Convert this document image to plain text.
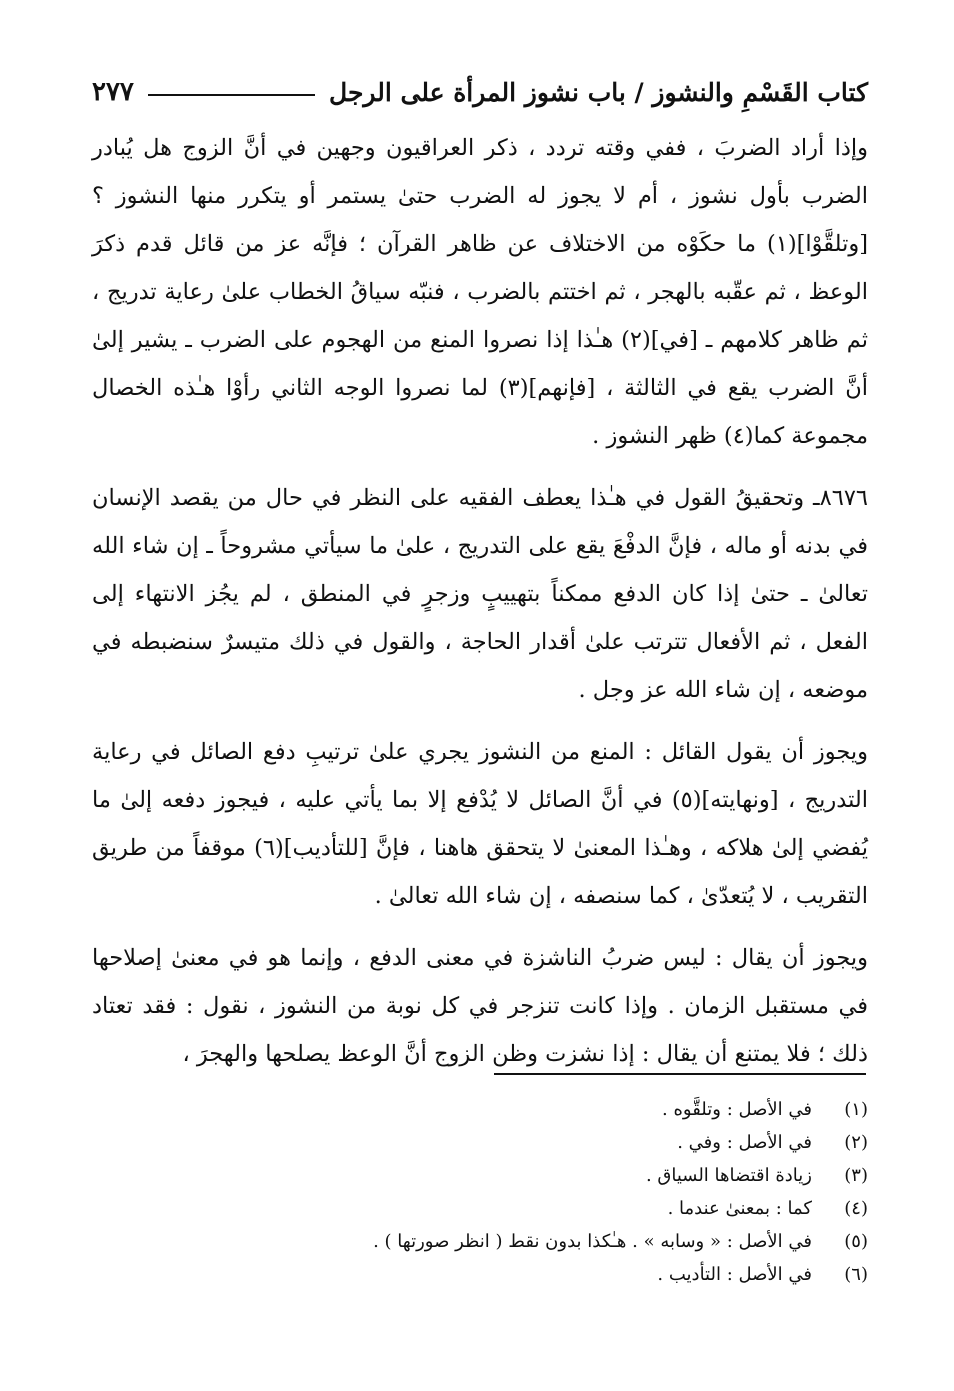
كتاب القَسْمِ والنشوز / باب نشوز المرأة على الرجل
٢٧٧

وإذا أراد الضربَ ، ففي وقته تردد ، ذكر العراقيون وجهين في أنَّ الزوج هل يُبادر الضرب بأول نشوز ، أم لا يجوز له الضرب حتىٰ يستمر أو يتكرر منها النشوز ؟ [وتلقَّوْا](١) ما حكَوْه من الاختلاف عن ظاهر القرآن ؛ فإنَّه عز من قائل قدم ذكرَ الوعظ ، ثم عقّبه بالهجر ، ثم اختتم بالضرب ، فنبّه سياقُ الخطاب علىٰ رعاية تدريج ، ثم ظاهر كلامهم ـ [في](٢) هـٰذا إذا نصروا المنع من الهجوم على الضرب ـ يشير إلىٰ أنَّ الضرب يقع في الثالثة ، [فإنهم](٣) لما نصروا الوجه الثاني رأوْا هـٰذه الخصال مجموعة كما(٤) ظهر النشوز .

٨٦٧٦ـ وتحقيقُ القول في هـٰذا يعطف الفقيه على النظر في حال من يقصد الإنسان في بدنه أو ماله ، فإنَّ الدفْعَ يقع على التدريج ، علىٰ ما سيأتي مشروحاً ـ إن شاء الله تعالىٰ ـ حتىٰ إذا كان الدفع ممكناً بتهييبٍ وزجرٍ في المنطق ، لم يجُز الانتهاء إلى الفعل ، ثم الأفعال تترتب علىٰ أقدار الحاجة ، والقول في ذلك متيسرٌ سنضبطه في موضعه ، إن شاء الله عز وجل .

ويجوز أن يقول القائل : المنع من النشوز يجري علىٰ ترتيبِ دفع الصائل في رعاية التدريج ، [ونهايته](٥) في أنَّ الصائل لا يُدْفع إلا بما يأتي عليه ، فيجوز دفعه إلىٰ ما يُفضي إلىٰ هلاكه ، وهـٰذا المعنىٰ لا يتحقق هاهنا ، فإنَّ [للتأديب](٦) موقفاً من طريق التقريب ، لا يُتعدّىٰ ، كما سنصفه ، إن شاء الله تعالىٰ .

ويجوز أن يقال : ليس ضربُ الناشزة في معنى الدفع ، وإنما هو في معنىٰ إصلاحها في مستقبل الزمان . وإذا كانت تنزجر في كل نوبة من النشوز ، نقول : فقد تعتاد ذلك ؛ فلا يمتنع أن يقال : إذا نشزت وظن الزوج أنَّ الوعظ يصلحها والهجرَ ،

(١)
في الأصل : وتلقَّوه .
(٢)
في الأصل : وفي .
(٣)
زيادة اقتضاها السياق .
(٤)
كما : بمعنىٰ عندما .
(٥)
في الأصل : « وسابه » . هـٰكذا بدون نقط ( انظر صورتها ) .
(٦)
في الأصل : التأديب .
